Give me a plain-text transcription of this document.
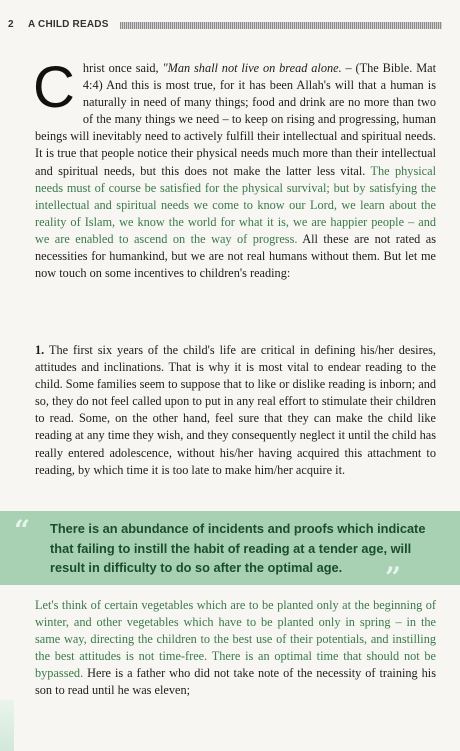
2 A CHILD READS
Christ once said, "Man shall not live on bread alone. – (The Bible. Mat 4:4) And this is most true, for it has been Allah's will that a human is naturally in need of many things; food and drink are no more than two of the many things we need – to keep on rising and progressing, human beings will inevitably need to actively fulfill their intellectual and spiritual needs. It is true that people notice their physical needs much more than their intellectual and spiritual needs, but this does not make the latter less vital. The physical needs must of course be satisfied for the physical survival; but by satisfying the intellectual and spiritual needs we come to know our Lord, we learn about the reality of Islam, we know the world for what it is, we are happier people – and we are enabled to ascend on the way of progress. All these are not rated as necessities for humankind, but we are not real humans without them. But let me now touch on some incentives to children's reading:
1. The first six years of the child's life are critical in defining his/her desires, attitudes and inclinations. That is why it is most vital to endear reading to the child. Some families seem to suppose that to like or dislike reading is inborn; and so, they do not feel called upon to put in any real effort to stimulate their children to read. Some, on the other hand, feel sure that they can make the child like reading at any time they wish, and they consequently neglect it until the child has really entered adolescence, without his/her having acquired this attachment to reading, by which time it is too late to make him/her acquire it.
“ There is an abundance of incidents and proofs which indicate that failing to instill the habit of reading at a tender age, will result in difficulty to do so after the optimal age.	”
Let's think of certain vegetables which are to be planted only at the beginning of winter, and other vegetables which have to be planted only in spring – in the same way, directing the children to the best use of their potentials, and instilling the best attitudes is not time-free. There is an optimal time that should not be bypassed. Here is a father who did not take note of the necessity of training his son to read until he was eleven;
